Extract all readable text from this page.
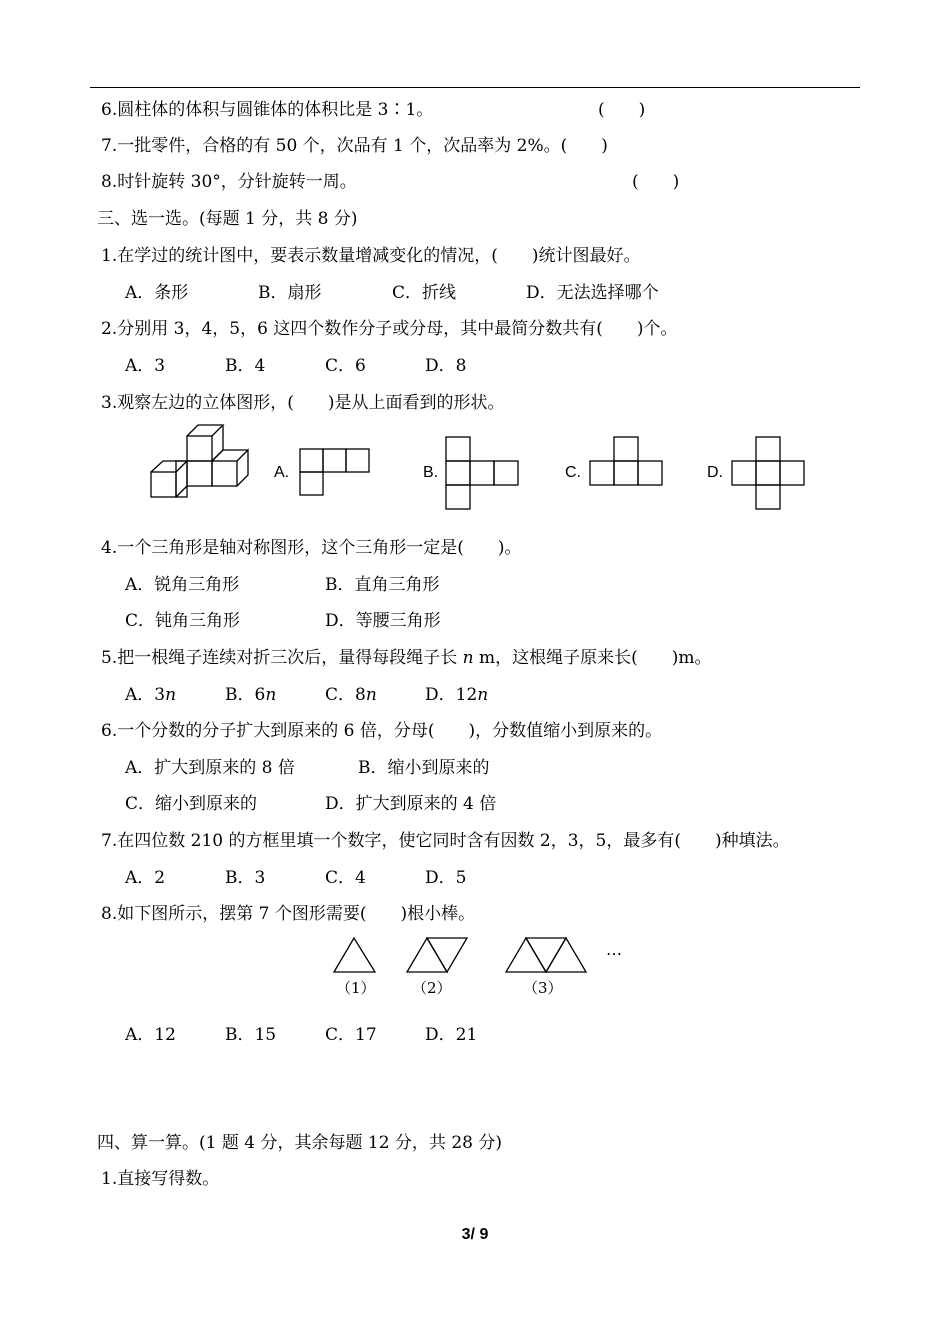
6.圆柱体的体积与圆锥体的体积比是 3∶1。	(　　)
7.一批零件，合格的有 50 个，次品有 1 个，次品率为 2%。(　　)
8.时针旋转 30°，分针旋转一周。	(　　)
三、选一选。(每题 1 分，共 8 分)
1.在学过的统计图中，要表示数量增减变化的情况，(　　)统计图最好。
A．条形	B．扇形	C．折线	D．无法选择哪个
2.分别用 3，4，5，6 这四个数作分子或分母，其中最简分数共有(　　)个。
A．3	B．4	C．6	D．8
3.观察左边的立体图形，(　　)是从上面看到的形状。
A.	B.	C.	D.
4.一个三角形是轴对称图形，这个三角形一定是(　　)。
A．锐角三角形	B．直角三角形
C．钝角三角形	D．等腰三角形
5.把一根绳子连续对折三次后，量得每段绳子长 n m，这根绳子原来长(　　)m。
A．3n	B．6n	C．8n	D．12n
6.一个分数的分子扩大到原来的 6 倍，分母(　　)，分数值缩小到原来的。
A．扩大到原来的 8 倍	B．缩小到原来的
C．缩小到原来的	D．扩大到原来的 4 倍
7.在四位数 210 的方框里填一个数字，使它同时含有因数 2，3，5，最多有(　　)种填法。
A．2	B．3	C．4	D．5
8.如下图所示，摆第 7 个图形需要(　　)根小棒。
（1） （2）	（3）
…
A．12	B．15	C．17	D．21
四、算一算。(1 题 4 分，其余每题 12 分，共 28 分)
1.直接写得数。
3/ 9
